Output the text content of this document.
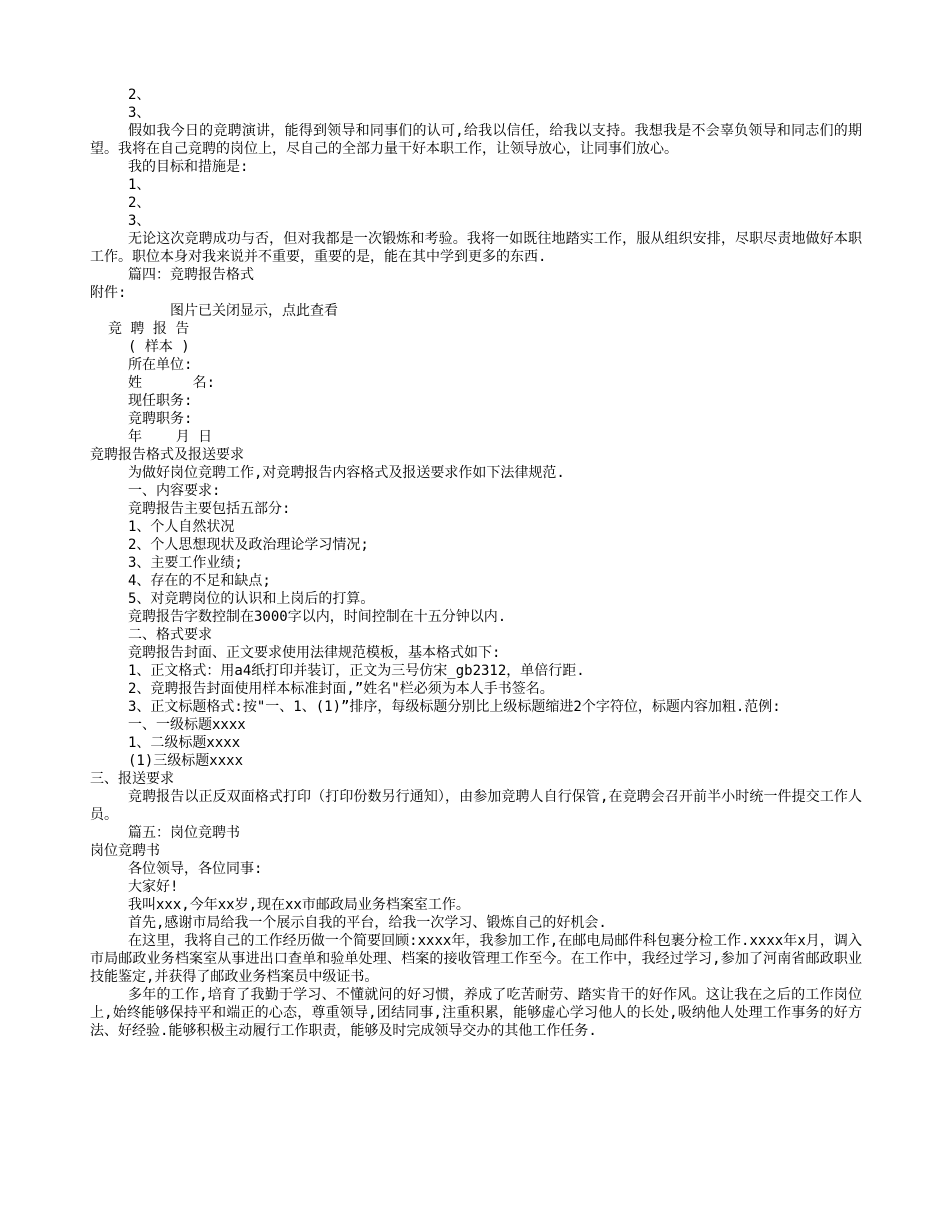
2、
3、

假如我今日的竞聘演讲，能得到领导和同事们的认可,给我以信任，给我以支持。我想我是不会辜负领导和同志们的期望。我将在自己竞聘的岗位上，尽自己的全部力量干好本职工作，让领导放心，让同事们放心。

我的目标和措施是:
1、
2、
3、

无论这次竞聘成功与否，但对我都是一次锻炼和考验。我将一如既往地踏实工作，服从组织安排，尽职尽责地做好本职工作。职位本身对我来说并不重要，重要的是，能在其中学到更多的东西.

篇四：竞聘报告格式
附件:
图片已关闭显示，点此查看
竞 聘 报 告
( 样本 )
所在单位:
姓      名:
现任职务:
竞聘职务:
年    月 日
竞聘报告格式及报送要求
为做好岗位竞聘工作,对竞聘报告内容格式及报送要求作如下法律规范.
一、内容要求:
竞聘报告主要包括五部分:
1、个人自然状况
2、个人思想现状及政治理论学习情况;
3、主要工作业绩;
4、存在的不足和缺点;
5、对竞聘岗位的认识和上岗后的打算。
竞聘报告字数控制在3000字以内，时间控制在十五分钟以内.
二、格式要求
竞聘报告封面、正文要求使用法律规范模板，基本格式如下:
1、正文格式：用a4纸打印并装订，正文为三号仿宋_gb2312，单倍行距.
2、竞聘报告封面使用样本标准封面,”姓名"栏必须为本人手书签名。

3、正文标题格式:按"一、1、(1)”排序，每级标题分别比上级标题缩进2个字符位，标题内容加粗.范例:

一、一级标题xxxx
1、二级标题xxxx
(1)三级标题xxxx
三、报送要求

竞聘报告以正反双面格式打印（打印份数另行通知），由参加竞聘人自行保管,在竞聘会召开前半小时统一件提交工作人员。

篇五：岗位竞聘书
岗位竞聘书
各位领导，各位同事:
大家好!
我叫xxx,今年xx岁,现在xx市邮政局业务档案室工作。
首先,感谢市局给我一个展示自我的平台，给我一次学习、锻炼自己的好机会.

在这里，我将自己的工作经历做一个简要回顾:xxxx年，我参加工作,在邮电局邮件科包裹分检工作.xxxx年x月，调入市局邮政业务档案室从事进出口查单和验单处理、档案的接收管理工作至今。在工作中，我经过学习,参加了河南省邮政职业技能鉴定,并获得了邮政业务档案员中级证书。

多年的工作,培育了我勤于学习、不懂就问的好习惯，养成了吃苦耐劳、踏实肯干的好作风。这让我在之后的工作岗位上,始终能够保持平和端正的心态，尊重领导,团结同事,注重积累，能够虚心学习他人的长处,吸纳他人处理工作事务的好方法、好经验.能够积极主动履行工作职责，能够及时完成领导交办的其他工作任务.
